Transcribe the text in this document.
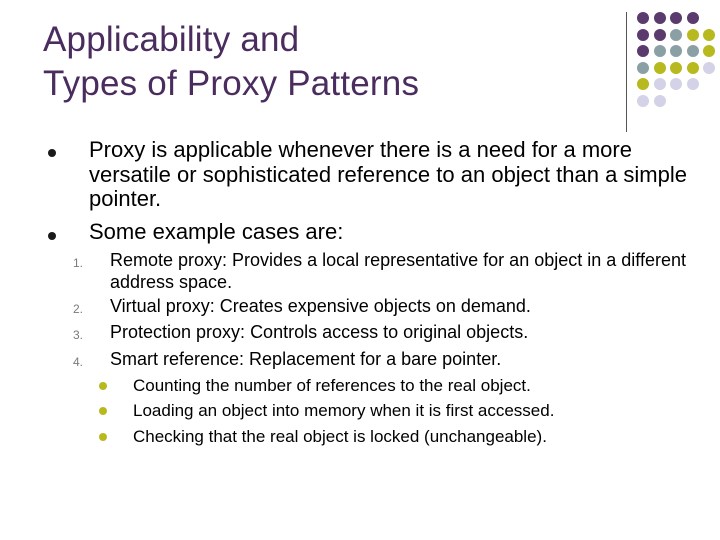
Applicability and
Types of Proxy Patterns

Proxy is applicable whenever there is a need for a more versatile or sophisticated reference to an object than a simple pointer.

Some example cases are:

1. Remote proxy: Provides a local representative for an object in a different address space.

2. Virtual proxy: Creates expensive objects on demand.

3. Protection proxy: Controls access to original objects.

4. Smart reference: Replacement for a bare pointer.

Counting the number of references to the real object.

Loading an object into memory when it is first accessed.

Checking that the real object is locked (unchangeable).
